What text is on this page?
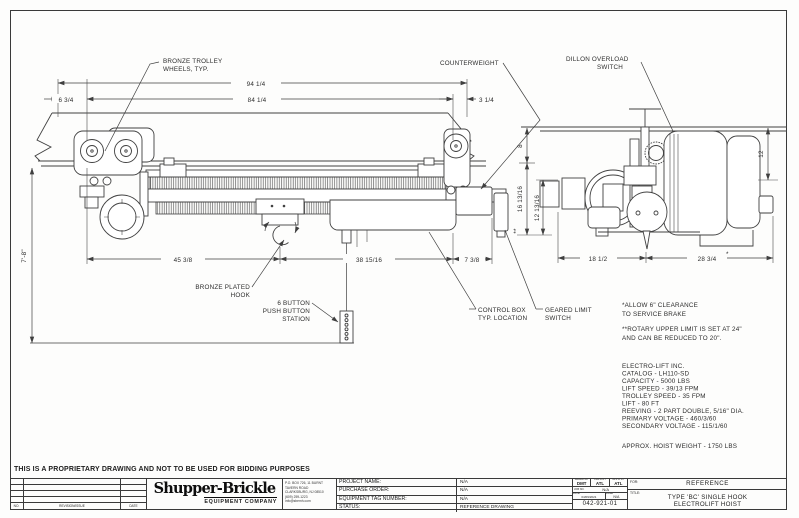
94 1/4
84 1/4
6 3/4	3 1/4
45 3/8	38 15/16	7 3/8
7'-8"
BRONZE TROLLEY
WHEELS, TYP.
COUNTERWEIGHT
DILLON OVERLOAD
SWITCH
BRONZE PLATED
HOOK
6 BUTTON
PUSH BUTTON
STATION
CONTROL BOX
TYP. LOCATION
GEARED LIMIT
SWITCH
8
16 13/16
**
12 13/16
12
18 1/2	28 3/4
*
*ALLOW 6" CLEARANCE
TO SERVICE BRAKE
**ROTARY UPPER LIMIT IS SET AT 24"
AND CAN BE REDUCED TO 20".
ELECTRO-LIFT INC.
CATALOG - LH110-SD
CAPACITY - 5000 LBS
LIFT SPEED - 39/13 FPM
TROLLEY SPEED - 35 FPM
LIFT - 80 FT
REEVING - 2 PART DOUBLE, 5/16" DIA.
PRIMARY VOLTAGE - 460/3/60
SECONDARY VOLTAGE - 115/1/60
APPROX. HOIST WEIGHT - 1750 LBS
THIS IS A PROPRIETARY DRAWING AND NOT TO BE USED FOR BIDDING PURPOSES
NO.	REVISION/ISSUE	DATE
Shupper-Brickle
EQUIPMENT COMPANY
P.O. BOX 726, 11 BURNT TAVERN ROAD
CLARKSBURG, NJ 08510
(609) 259-1223
info@sbemh.com
PROJECT NAME:	N/A
PURCHASE ORDER:	N/A
EQUIPMENT TAG NUMBER:	N/A
STATUS:	REFERENCE DRAWING
DRAWN BY
DMT
CHK'D BY
ATL
APP'D BY
ATL
JOB NO.	N/A
DATE
04/09/2021
PAGE
N/A
042-921-01
FOR:	REFERENCE
TITLE:
TYPE 'BC' SINGLE HOOK
ELECTROLIFT HOIST
